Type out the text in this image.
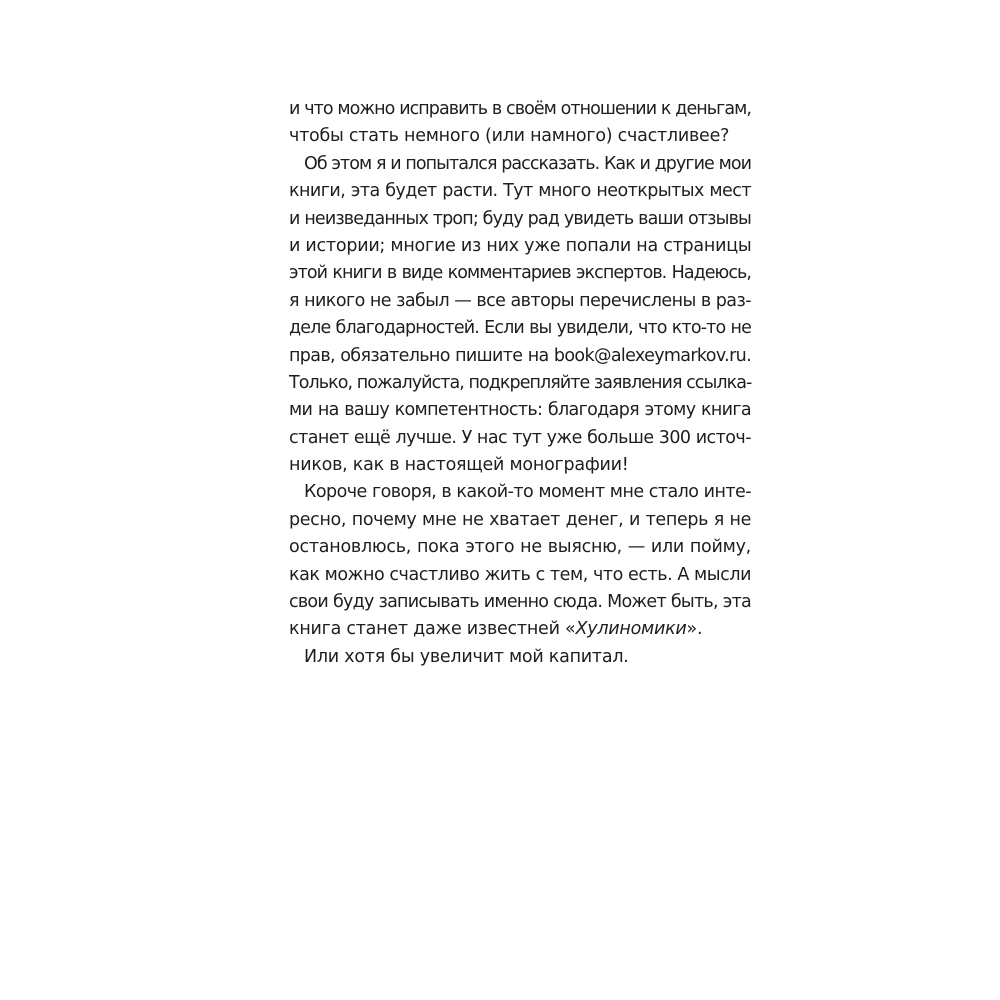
и что можно исправить в своём отношении к деньгам,
чтобы стать немного (или намного) счастливее?
Об этом я и попытался рассказать. Как и другие мои
книги, эта будет расти. Тут много неоткрытых мест
и неизведанных троп; буду рад увидеть ваши отзывы
и истории; многие из них уже попали на страницы
этой книги в виде комментариев экспертов. Надеюсь,
я никого не забыл — все авторы перечислены в раз-
деле благодарностей. Если вы увидели, что кто-то не
прав, обязательно пишите на book@alexeymarkov.ru.
Только, пожалуйста, подкрепляйте заявления ссылка-
ми на вашу компетентность: благодаря этому книга
станет ещё лучше. У нас тут уже больше 300 источ-
ников, как в настоящей монографии!
Короче говоря, в какой-то момент мне стало инте-
ресно, почему мне не хватает денег, и теперь я не
остановлюсь, пока этого не выясню, — или пойму,
как можно счастливо жить с тем, что есть. А мысли
свои буду записывать именно сюда. Может быть, эта
книга станет даже известней «Хулиномики».
Или хотя бы увеличит мой капитал.
